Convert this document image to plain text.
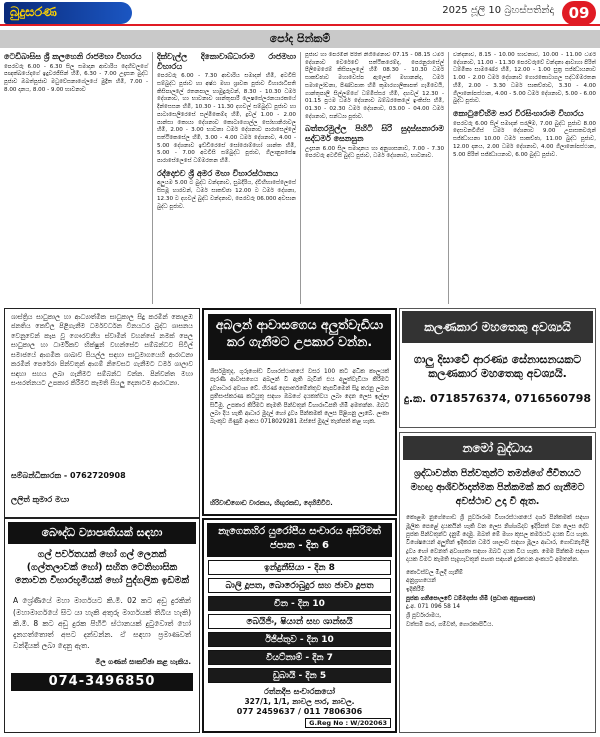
බුදුසරණ	2025 ජූලි 10 බ්‍රහස්පතින්දා 09
පෝද පින්කම්
ටෙඩිබාසිස ශ්‍රී කලහෙනි රාජමහා විහාරය

පෙරවරු 6.00 - 6.30 සිල සමාදාන ආචාරිය දෙහිවලගේ පඥක්ඛයේදාගේ ඉදුවරජීසින් හිමි, 6.30 - 7.00 උදෑසන බුද්ධ පූජාව ඔබත්පූජාව මධුවේසනාගේලයේ මුද්‍රිත හිමි, 7.00 - 8.00 දානය, 8.00 - 9.00 භාවනාව

දික්වැල්ල දිකොවාබ්ධාරාම රාජමහා විහාරය

පෙරවරු 6.00 - 7.30 ආචාරිය සමාදන් හිමි, අටවිසි සම්බුද්ධ පූජාව හා අෂ්ඨ මහා ශ්‍රාවක පූජාව විහාරාධිපති කිසිපාලලේ රතනපාල හාමුදුරුවන්, 8.30 - 10.30 ධර්ම දේශනාව, හා භාවනාව ශාන්තුපාරී ලෙෂසේලරනයාරකයේ දින්සෙසන හිමි, 10.30 - 11.30 දහවල් සම්බුද්ධ පූජාව හා පාටාසෙලිරෙසේ සල්මිකෙම්ද හිමි, ද්‍රවල් 1.00 - 2.00 පාන්සා කොයා දේශනාව කොටාගොල්ල සෝභානිරාවල හිමි, 2.00 - 3.00 භාවනා ධර්ම දේශනාව පාරාසෙල්ලේ සත්ථිකෙසේල හිමි, 3.00 - 4.00 ධර්ම දේශනාව, 4.00 - 5.00 දේශනාව ඉඩ්ඩිරෙසේ සෝරොම්හෝ ශාන්ත හිමි, 5.00 - 7.00 අටවිසි සම්බුද්ධ පූජාව, ගිලානුපසේෂ පාරාසේලෙසේ ධම්මරතන හිමි.

රද්දොළුව ශ්‍රී අමර මහා විහාරස්ථානය

අලුයම 5.00 ට බුද්ධ වන්දනාව, සුබදිරිය, ද්වීහිභාසේලෙසේ සිසමූ හාරවන්, ධර්ම සාකච්ඡා 12.00 ට ධර්ම දේශනා, 12.30 ට දහවල් බුද්ධ වන්දනාව, පෙරවරු 06.000 අවසාන බුද්ධ පූජාව.

පූජාව හා පෙරමින් පිරිත් නිගිමෙනාව 07.15 - 08.15 ධර්ම දේශනාව වෙරේවේ සත්ථිකරෙම්ද, පෙරනුරාසේල් පිලිමෙරෙම් කිසිපාලලේ හිමි 08.30 - 10.30 ධර්ම සාකච්ඡාව මහාවෙස්ප ඇලෙත් මහානන්ද, ධර්ම සමාලෝචනා, පිණ්ඩපාත හිමි කුමාරගාලිකාපත් ගැමිවෙයි, ගාන්තුපාලි සිල්ලම්ගේ ධම්මිස්සර හිමි, දහවල් 12.30 - 01.15 ප්‍රථම ධර්ම දේශනාව බම්බරකෙලේ ඉංකිස්ස හිමි, 01.30 - 02.30 ධර්ම දේශනාව, 03.00 - 04.00 ධර්ම දේශනාව, සන්ධ්‍යා පූජාව.

බත්තරමුල්ල පිහිටි සිරි සුදස්සනාරාම සද්ධර්ම සෙනසුන

උදෑසන 6.00 සිල සමාදානය හා අනුශාසනාව, 7.00 - 7.30 පෙරවරු අටවිසි බුද්ධ පූජාව, ධර්ම දේශනාව, භාවනාව.

වන්දනාව, 8.15 - 10.00 භාවනාව, 10.00 - 11.00 ධර්ම දේශනාව, 11.00 - 11.30 පෙරවරුවේ වන්දනා ආවාහා පිරිත් ධම්මිකා සාමණේර හිමි, 12.00 - 1.00 සුත්‍ර සජ්ඣායනාව 1.00 - 2.00 ධර්ම දේශනාව ගොරකොටාගල සද්ධම්මරතන හිමි, 2.00 - 3.30 ධර්ම සාකච්ඡාව, 3.30 - 4.00 ගිලානෝපස්ථාන, 4.00 - 5.00 ධර්ම දේශනාව, 5.00 - 6.00 බුද්ධ පූජාව.

කොටුවේහිම පාර වීරසිංහාරාම විහාරය

පෙරවරු 6.00 සිල් සමාදන් සරලිම, 7.00 බුද්ධ පූජාව 8.00 දෙසවනවිගිස් ධර්ම දේශනාව 9.00 උපාසකවරුන් සජ්ඣායනා 10.00 ධර්ම සාකච්ඡා, 11.00 බුද්ධ පූජාව, 12.00 දානය, 2.00 ධර්ම දේශනාව, 4.00 ගිලානෝපස්ථාන, 5.00 පිරිත් සජ්ඣායනාව, 6.00 බුද්ධ පූජාව.

ශාස්ත්‍රිය සාධුකාල හා ආධ්‍යාත්මික සාධුකාල සිදු කරමින් කොළඹ ජනතිය කෙව්ල පිළිගැනීම ධර්මවර්ධන විනයධර බුද්ධ ශාසනය වෙනුවෙන් කැප වූ ගෞරවනීය ස්වාමීන් වහන්සේ නමක් පෙල සාධුකාල හා ධාර්මිකව භික්ෂුන් වහන්සේට සම්බන්ධව සිවිල් සමාජයේ ආගමික ශාඛාව සියල්ල සඳහා සාධුමාගයෙහි ආරාධනා කරමින් පෙරේරා පින්වතුන් ආගම් නිවෙසට ගැනීමට ධර්ම ශාලාව සඳහා සහය ලබා ගැනීමට සම්බන්ධ වන්න. පින්වන්ත මහා සංඝරත්නයට උපකාර කිරීමට කැමති සියලු දෙනාටම ආරාධනා.
සම්බන්ධීකාරක - 0762720908
ලලිත් කුමාර මයා
අබලන් ආවාසගෙය අලුත්වැඩියා කර ගැනීමට උපකාර වන්න.
ශිර්සමුතුද, ගුරුගෝඩ විහාරස්ථානයේ වසර 100 කට අධික කාලයක් පැරණි ආවාසගෙය අබලන් වී ඇති බැවින් එය අලුත්වැඩියා කිරීමට ද්‍රව්‍යාධාර අවශ්‍ය වේ. හිරණ් දෙපාර්තමේන්තුව කැපවීමෙන් සිදු කරනු ලබන ප්‍රතිසංස්කරණ කටයුතු සඳහා ඔබගේ දායකත්වය ලබා දෙන ලෙස ඉල්ලා සිටිමු. උපකාර කිරීමට කැමති පින්වතුන් විහාරාධිපති හිමි අමතන්න. ඔබට ලබා දිය හැකි ආධාර මුදල් හෝ ද්‍රව්‍ය පින්කමක් ලෙස පිළිගනු ලැබේ. ලංකා බැංකුව ගිණුම් අංකය 0718029281 ඔස්සේ මුදල් තැන්පත් කළ හැක.
හිරිවාඩ්ගොඩ වාරකය, හිඟුරකඩ, දෙහිඕවිට.
කලණකාර මහතෙකු අවශ්‍යයි
ගාලු දිසාවේ ආරණ්‍ය සේනාසනයකට කලණකාර මහතෙකු අවශ්‍යයි.
දු.ක. 0718576374, 0716560798
බෞද්ධ ව්‍යාපෘතියක් සඳහා
ගල් පර්වතයක් හෝ ගල් ලෙනක් (ගල්තලාවක් හෝ) සහිත ටෙතිහාසික නොවන විහාරභූමියක් හෝ පුද්ගලික ඉඩමක්
A ශ්‍රේණියේ මහා මාර්ගයට කි.මී. 02 කට අඩු දුරකින් (මහාමාර්ගයේ සිට යා හැකි අතුරු මාර්ගයක් තිබිය හැකි) කි.මී. 8 කට අඩු දුරක පිහිටි ස්ථානයක් දුටුවොත් හෝ දැනගත්තොත් අපට දන්වන්න. ඒ සඳහා ප්‍රමාණවත් වන්දියක් ලබා දෙනු ඇත.
මිල ගණන් සාකච්ඡා කළ හැකිය.
074-3496850
නැගෙනහිර යුරෝපීය සංචාරය අසිරිමත් ජපාන - දින 6
ඉන්දුනීසියා - දින 8
බාලි දූපත, බොරොබුදුර සහ ජාවා දූපත
චීන - දින 10
බෙයිජිං, ෂියාන් සහ ශාන්ඝයි
ඊජිප්තුව - දින 10
වියට්නාම් - දින 7
ඩුබායි - දින 5
රත්නදීප සංචාරකයෝ
327/1, 1/1, නාවල පාර, නාවල.
077 2459637 / 011 7806306
G.Reg No : W/202063
නමෝ බුද්ධාය
ශ්‍රද්ධාවන්ත පින්වතුන්ට තමන්ගේ ජීවිතයට මහඟු ආශිර්වාදාත්මක පින්කමක් කර ගැනීමට අවස්ථාව උදා වී ඇත.
කොළඹ නුගේගොඩ ශ්‍රී පූර්වාරාම විහාරස්ථානයේ දර්ශ පින්කමක් සඳහා මූලික පෙළේ දායකයින් හැකි වන ලෙස නිශ්ශබ්දව ඉදිරිපත් වන ලෙස දේව පූජක පින්වතුන්ට දැනුම් දෙමු. ඔබත් මේ මහා කුසල කර්මයට දායක විය හැක. විශේෂයෙන් අලුතින් ඉදිකරන ධර්ම ශාලාව සඳහා මූල්‍ය ආධාර, ගොඩනැගිලි ද්‍රව්‍ය හෝ වෙනත් අවශ්‍යතා සඳහා ඔබට දායක විය හැක. මෙම පින්කම සඳහා දායක වීමට කැමති සැදැහැවතුන් පහත සඳහන් දුරකථන අංකයට අමතන්න.
කොටස්වල මිලදී ගැනීම්
අනුග්‍රහයෙන්
ඉදිකිරීම්
පූජක ගනිපොලවේ ධම්මදස්ස හිමි (ප්‍රධාන අනුශාසක)
දු.අ. 071 096 58 14
ශ්‍රී පූර්වාරාමය,
වත්සමී පාර, ගම්වත්, ගොරකාපිටිය.
